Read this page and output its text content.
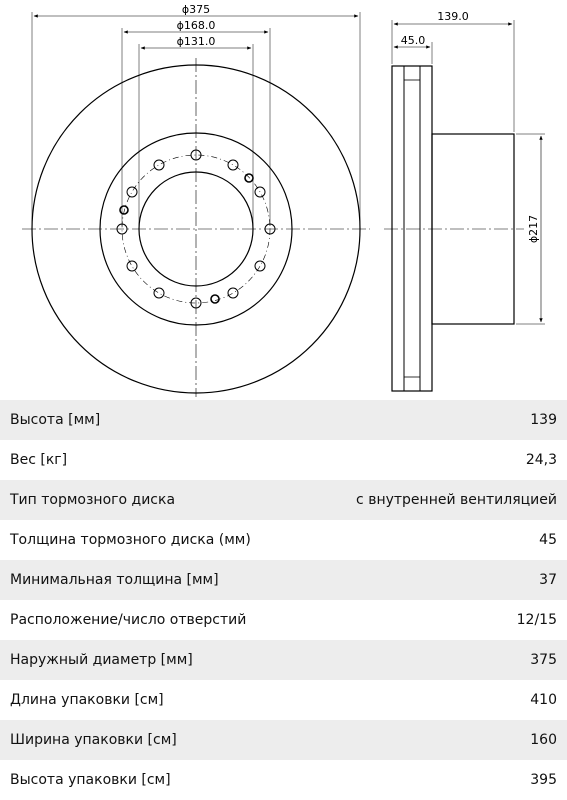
ϕ375
ϕ168.0
ϕ131.0
139.0
45.0
ϕ217
Высота [мм]	139
Вес [кг]	24,3
Тип тормозного диска	с внутренней вентиляцией
Толщина тормозного диска (мм)	45
Минимальная толщина [мм]	37
Расположение/число отверстий	12/15
Наружный диаметр [мм]	375
Длина упаковки [см]	410
Ширина упаковки [см]	160
Высота упаковки [см]	395
